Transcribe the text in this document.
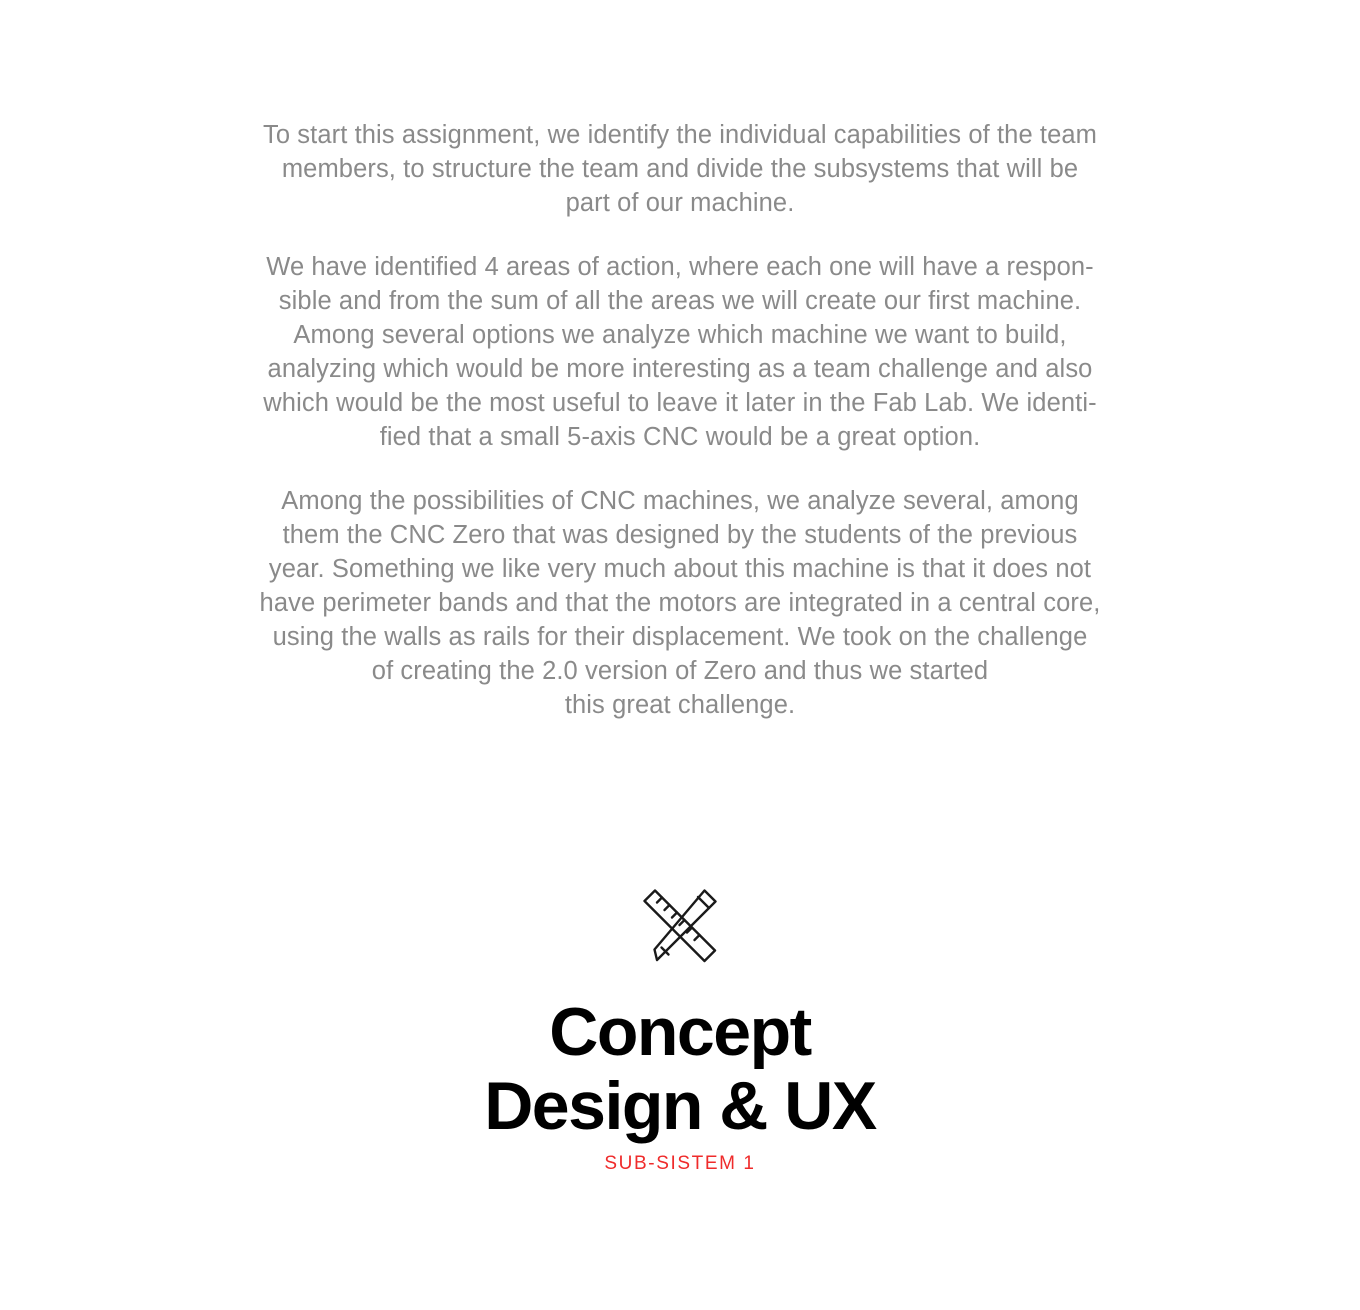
To start this assignment, we identify the individual capabilities of the team
members, to structure the team and divide the subsystems that will be
part of our machine.

We have identified 4 areas of action, where each one will have a respon-
sible and from the sum of all the areas we will create our first machine.
Among several options we analyze which machine we want to build,
analyzing which would be more interesting as a team challenge and also
which would be the most useful to leave it later in the Fab Lab. We identi-
fied that a small 5-axis CNC would be a great option.

Among the possibilities of CNC machines, we analyze several, among
them the CNC Zero that was designed by the students of the previous
year. Something we like very much about this machine is that it does not
have perimeter bands and that the motors are integrated in a central core,
using the walls as rails for their displacement. We took on the challenge
of creating the 2.0 version of Zero and thus we started
this great challenge.

Concept
Design & UX
SUB-SISTEM 1
